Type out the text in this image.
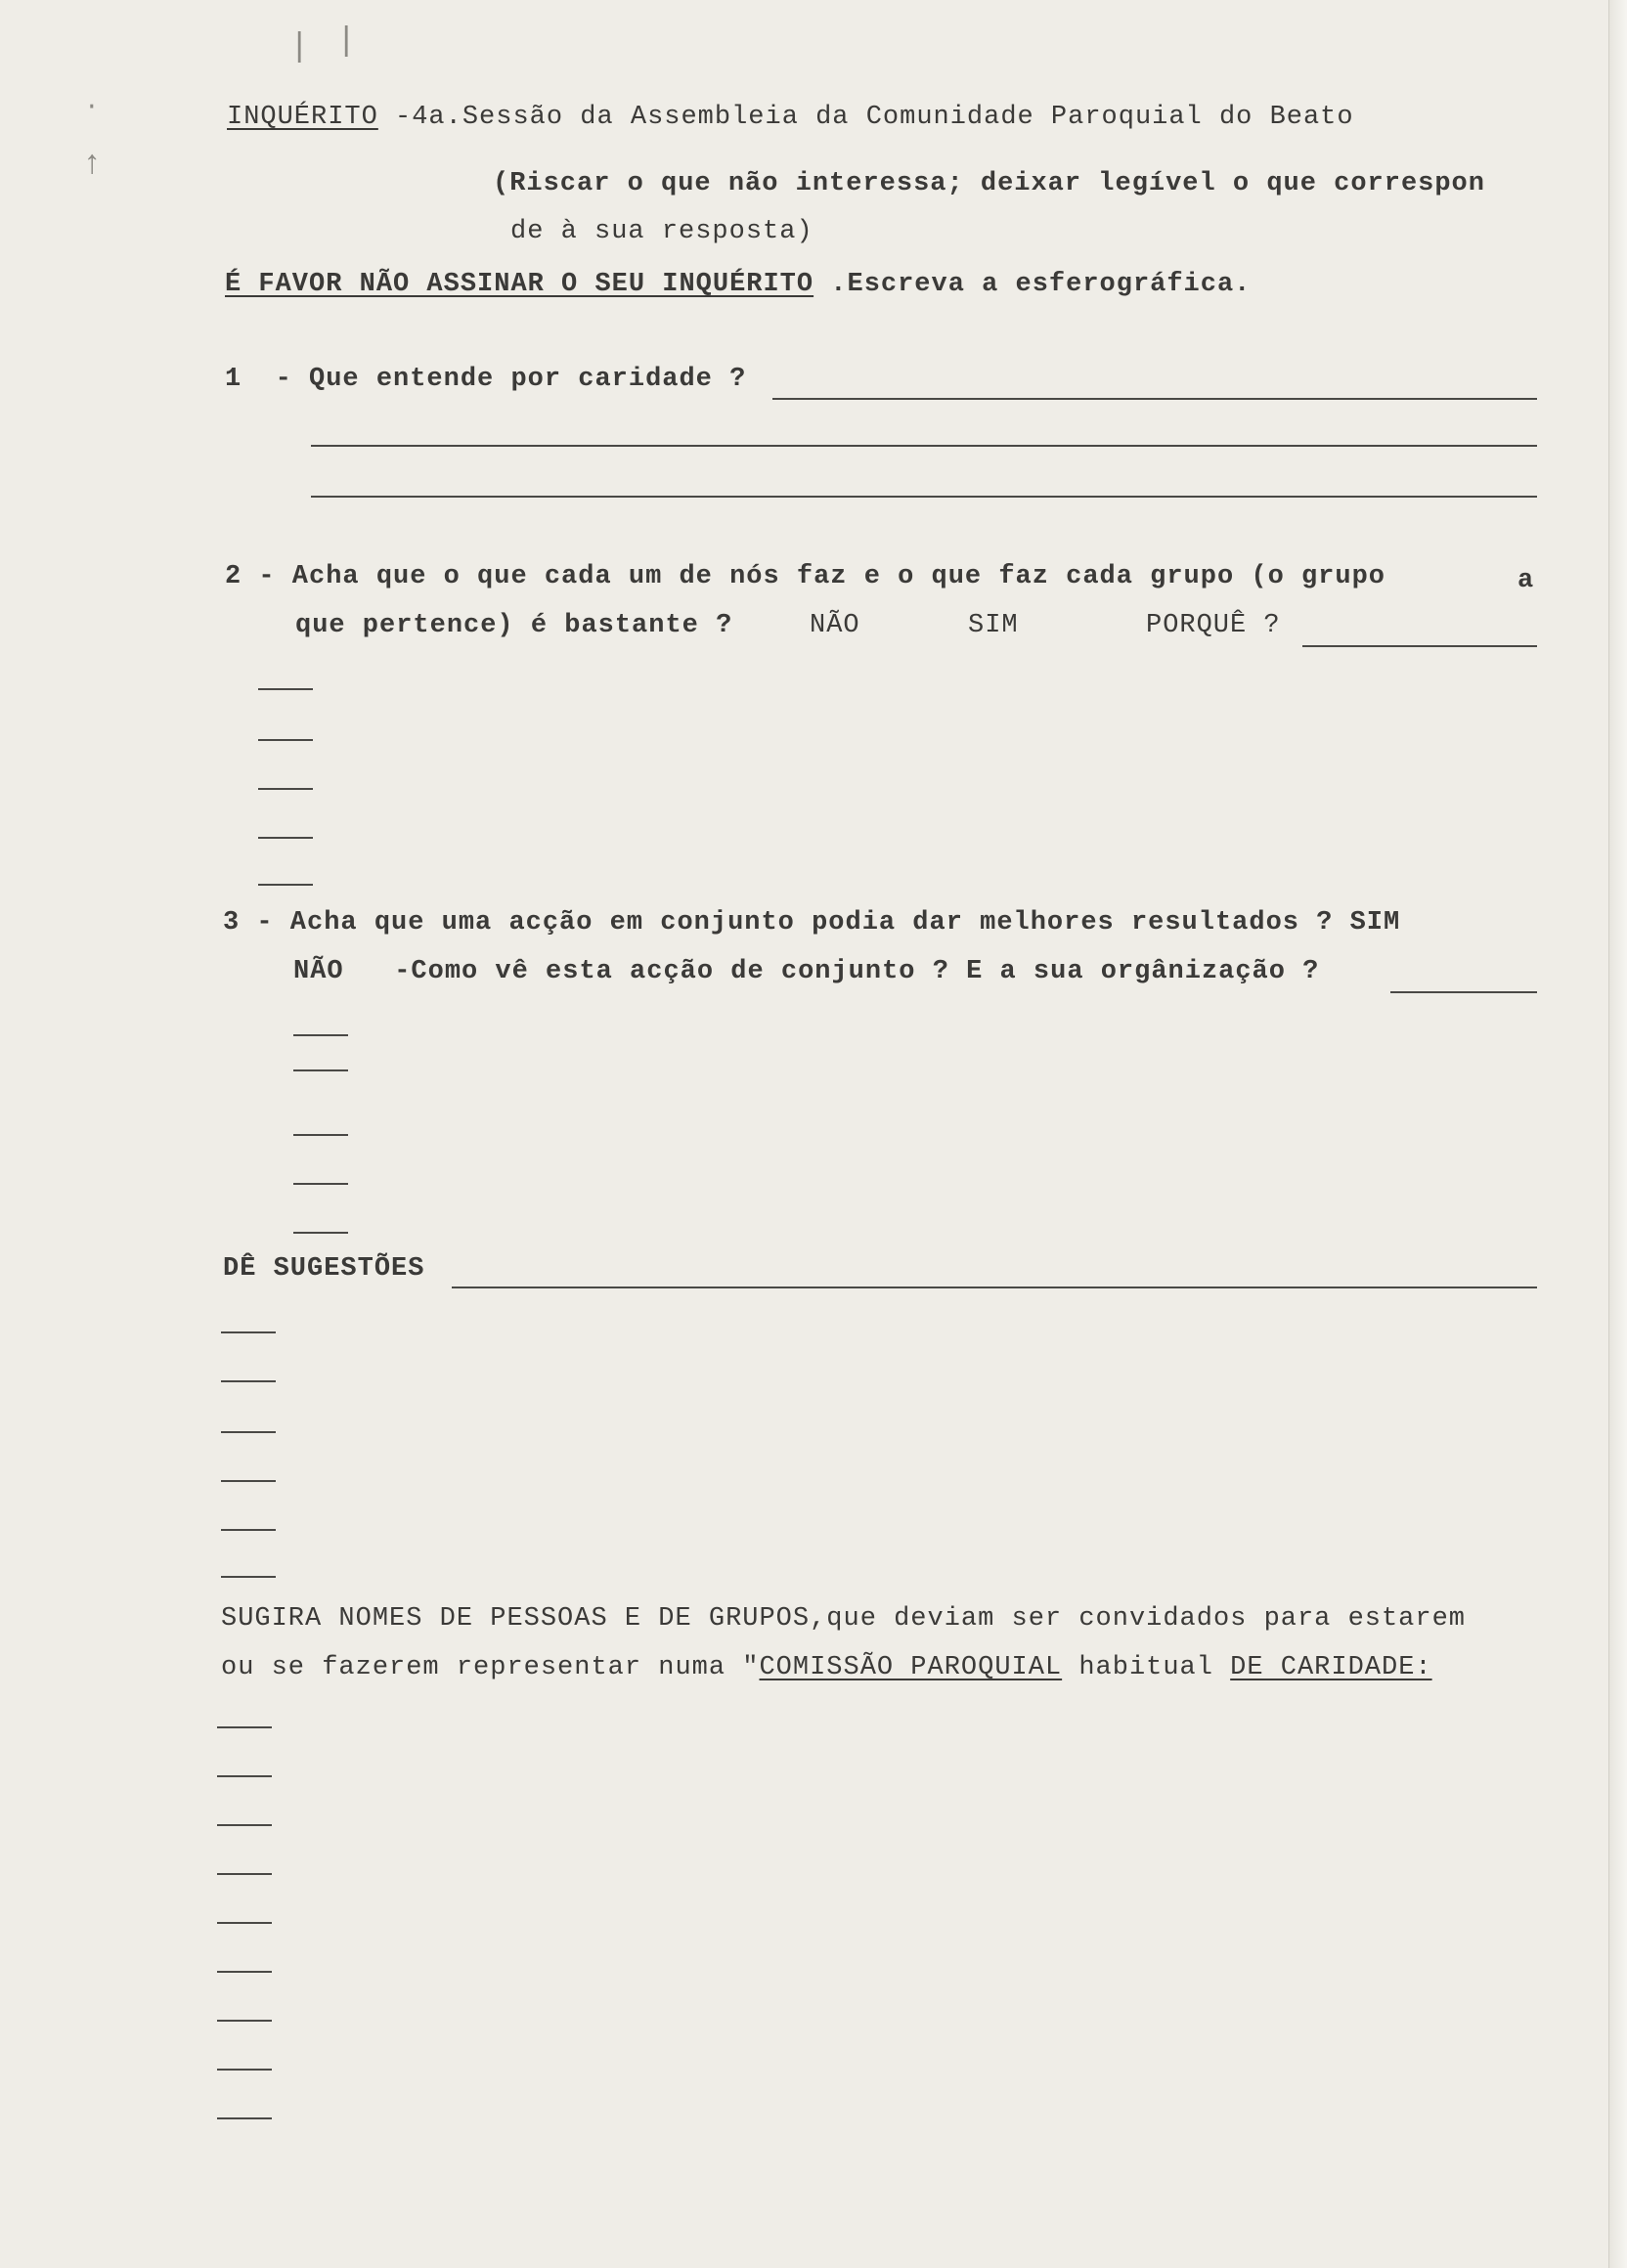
·
↑
| |
INQUÉRITO -4a.Sessão da Assembleia da Comunidade Paroquial do Beato
(Riscar o que não interessa; deixar legível o que correspon
de à sua resposta)
É FAVOR NÃO ASSINAR O SEU INQUÉRITO .Escreva a esferográfica.
1  - Que entende por caridade ?
2 - Acha que o que cada um de nós faz e o que faz cada grupo (o grupo	a
que pertence) é bastante ?	NÃO	SIM	PORQUÊ ?
3 - Acha que uma acção em conjunto podia dar melhores resultados ? SIM
NÃO   -Como vê esta acção de conjunto ? E a sua orgânização ?
DÊ SUGESTÕES
SUGIRA NOMES DE PESSOAS E DE GRUPOS,que deviam ser convidados para estarem
ou se fazerem representar numa "COMISSÃO PAROQUIAL habitual DE CARIDADE:
